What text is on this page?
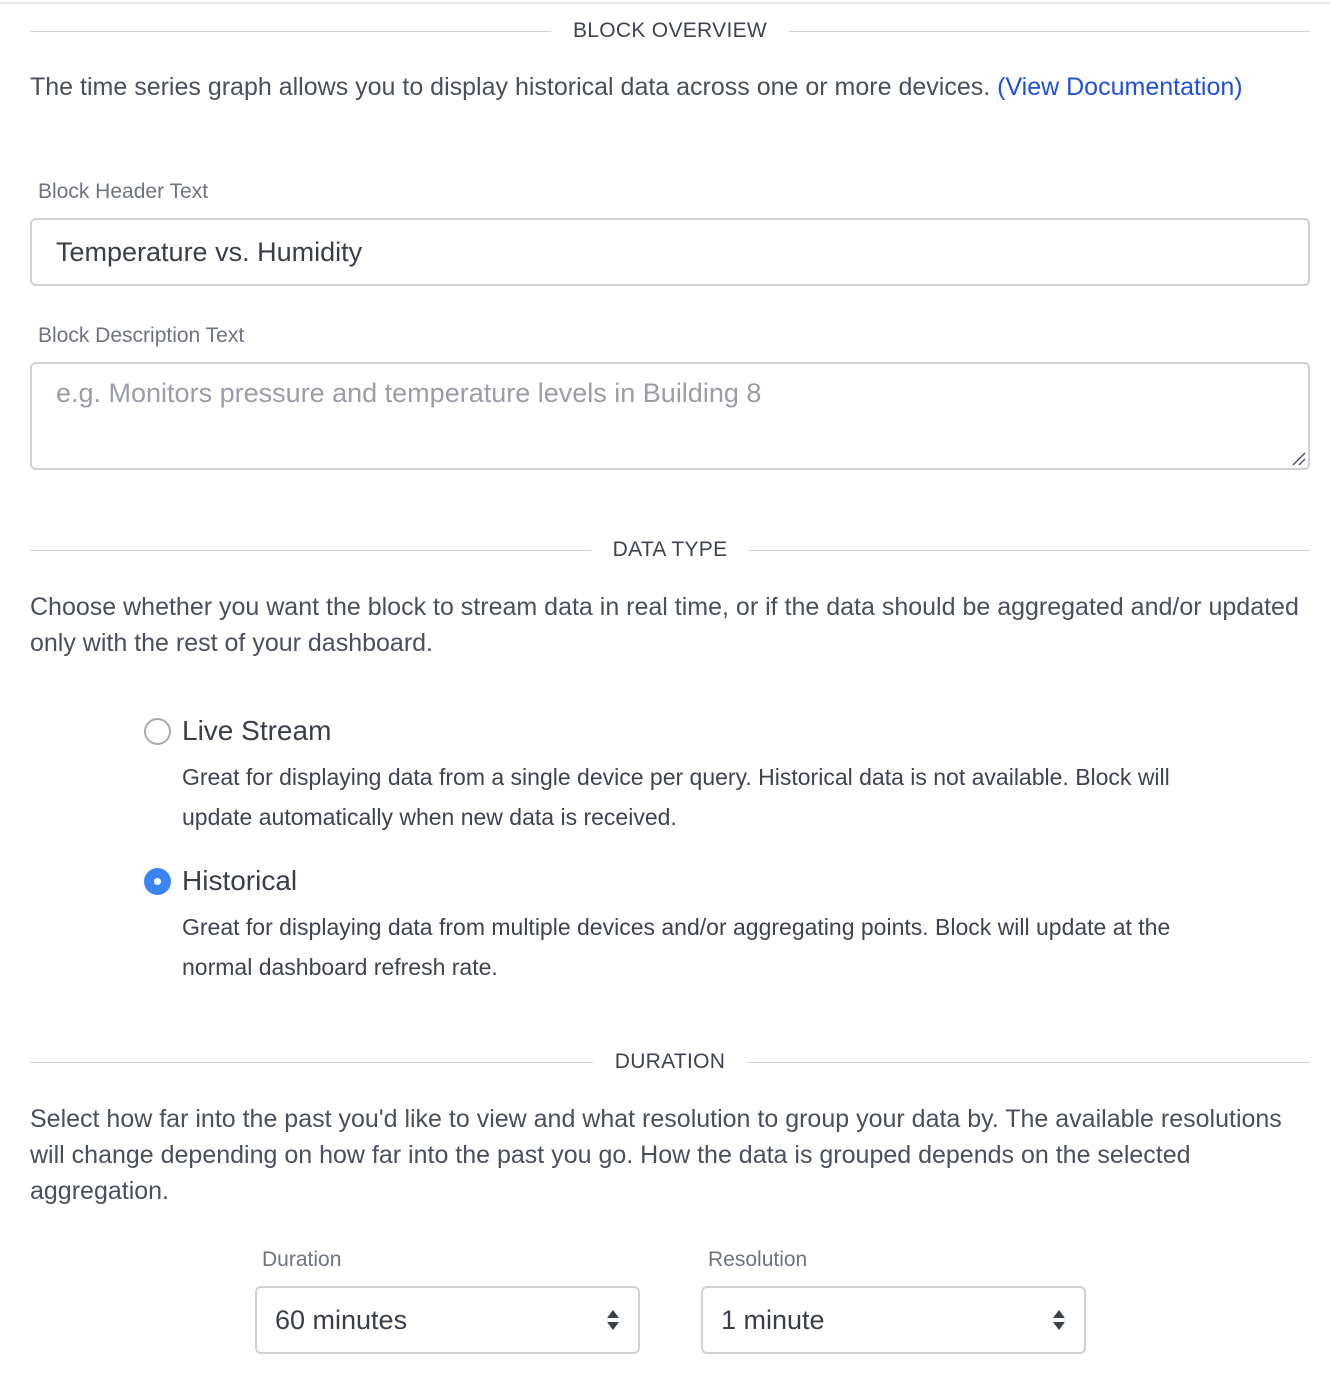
BLOCK OVERVIEW

The time series graph allows you to display historical data across one or more devices. (View Documentation)

Block Header Text
Temperature vs. Humidity
Block Description Text
e.g. Monitors pressure and temperature levels in Building 8
DATA TYPE

Choose whether you want the block to stream data in real time, or if the data should be aggregated and/or updated only with the rest of your dashboard.

Live Stream
Great for displaying data from a single device per query. Historical data is not available. Block will update automatically when new data is received.
Historical
Great for displaying data from multiple devices and/or aggregating points. Block will update at the normal dashboard refresh rate.
DURATION

Select how far into the past you'd like to view and what resolution to group your data by. The available resolutions will change depending on how far into the past you go. How the data is grouped depends on the selected aggregation.

Duration
60 minutes
Resolution
1 minute
